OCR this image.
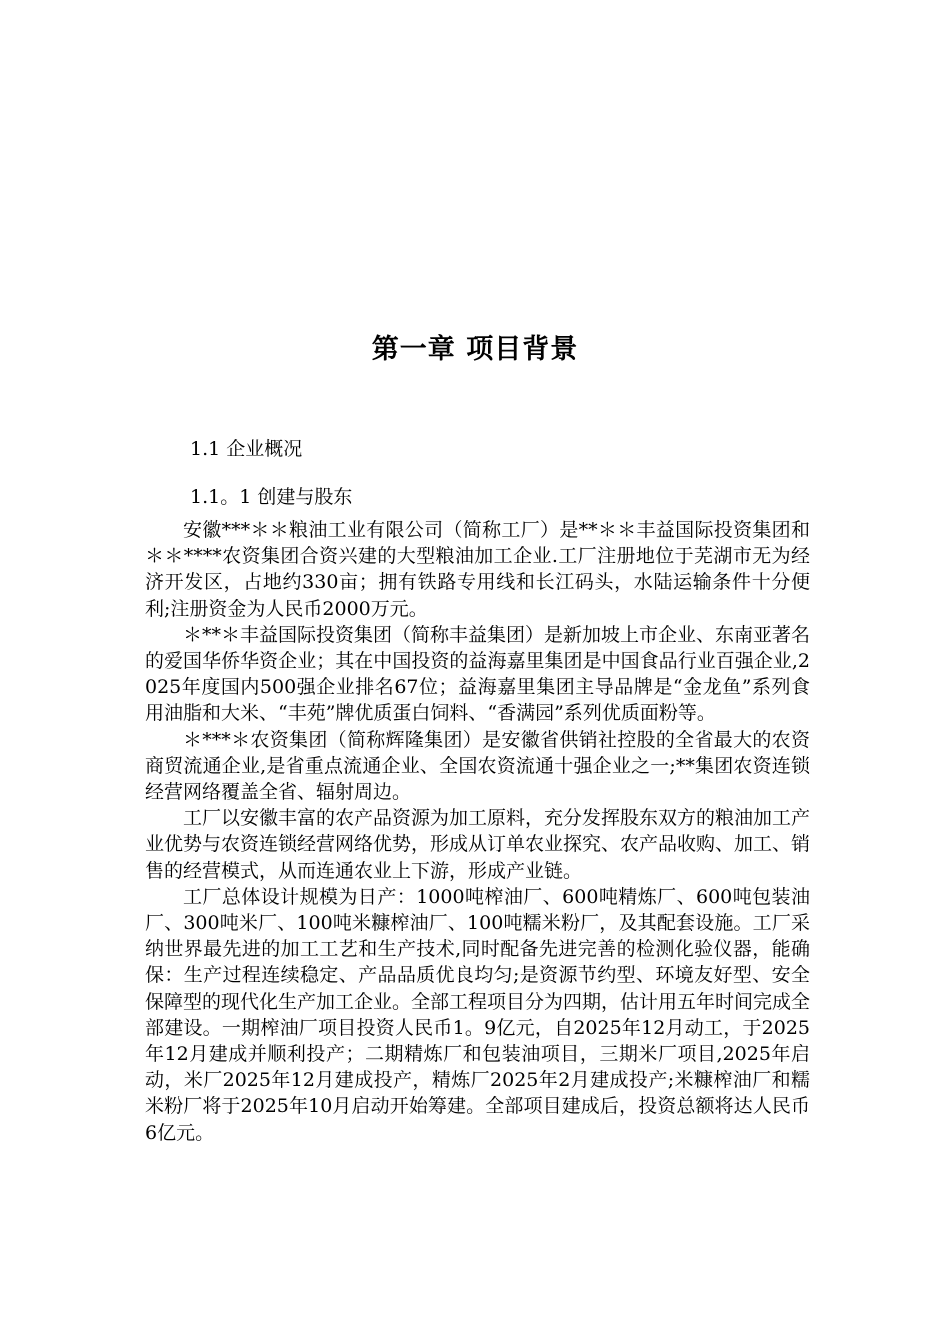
第一章 项目背景
1.1 企业概况
1.1。1 创建与股东

安徽***＊＊粮油工业有限公司（简称工厂）是**＊＊丰益国际投资集团和＊＊****农资集团合资兴建的大型粮油加工企业.工厂注册地位于芜湖市无为经济开发区，占地约330亩；拥有铁路专用线和长江码头，水陆运输条件十分便利;注册资金为人民币2000万元。

＊**＊丰益国际投资集团（简称丰益集团）是新加坡上市企业、东南亚著名的爱国华侨华资企业；其在中国投资的益海嘉里集团是中国食品行业百强企业,2025年度国内500强企业排名67位；益海嘉里集团主导品牌是“金龙鱼”系列食用油脂和大米、“丰苑”牌优质蛋白饲料、“香满园”系列优质面粉等。

＊***＊农资集团（简称辉隆集团）是安徽省供销社控股的全省最大的农资商贸流通企业,是省重点流通企业、全国农资流通十强企业之一;**集团农资连锁经营网络覆盖全省、辐射周边。

工厂以安徽丰富的农产品资源为加工原料，充分发挥股东双方的粮油加工产业优势与农资连锁经营网络优势，形成从订单农业探究、农产品收购、加工、销售的经营模式，从而连通农业上下游，形成产业链。

工厂总体设计规模为日产：1000吨榨油厂、600吨精炼厂、600吨包装油厂、300吨米厂、100吨米糠榨油厂、100吨糯米粉厂，及其配套设施。工厂采纳世界最先进的加工工艺和生产技术,同时配备先进完善的检测化验仪器，能确保：生产过程连续稳定、产品品质优良均匀;是资源节约型、环境友好型、安全保障型的现代化生产加工企业。全部工程项目分为四期，估计用五年时间完成全部建设。一期榨油厂项目投资人民币1。9亿元，自2025年12月动工，于2025年12月建成并顺利投产；二期精炼厂和包装油项目，三期米厂项目,2025年启动，米厂2025年12月建成投产，精炼厂2025年2月建成投产;米糠榨油厂和糯米粉厂将于2025年10月启动开始筹建。全部项目建成后，投资总额将达人民币6亿元。
